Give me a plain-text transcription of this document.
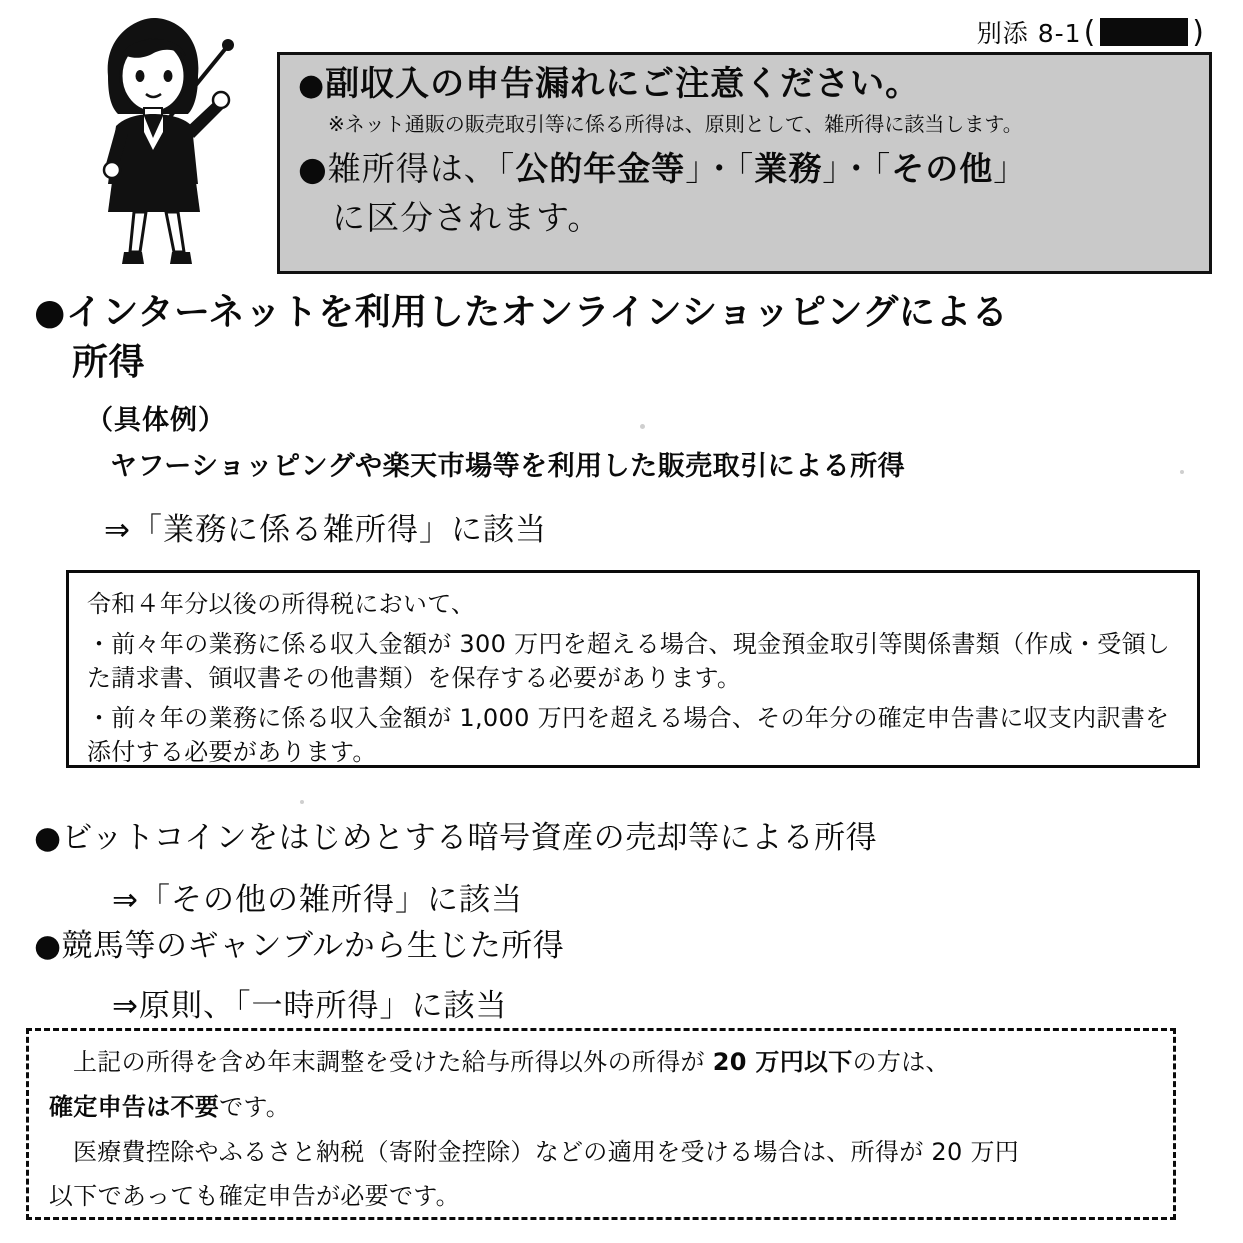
別添 8-1 (	)
●副収入の申告漏れにご注意ください。
※ネット通販の販売取引等に係る所得は、原則として、雑所得に該当します。
●雑所得は、「公的年金等」・「業務」・「その他」
に区分されます。
●インターネットを利用したオンラインショッピングによる
所得
（具体例）
ヤフーショッピングや楽天市場等を利用した販売取引による所得
⇒「業務に係る雑所得」に該当

令和４年分以後の所得税において、

・前々年の業務に係る収入金額が 300 万円を超える場合、現金預金取引等関係書類（作成・受領した請求書、領収書その他書類）を保存する必要があります。

・前々年の業務に係る収入金額が 1,000 万円を超える場合、その年分の確定申告書に収支内訳書を添付する必要があります。

●ビットコインをはじめとする暗号資産の売却等による所得
⇒「その他の雑所得」に該当
●競馬等のギャンブルから生じた所得
⇒原則、「一時所得」に該当

上記の所得を含め年末調整を受けた給与所得以外の所得が 20 万円以下の方は、

確定申告は不要です。

医療費控除やふるさと納税（寄附金控除）などの適用を受ける場合は、所得が 20 万円

以下であっても確定申告が必要です。
